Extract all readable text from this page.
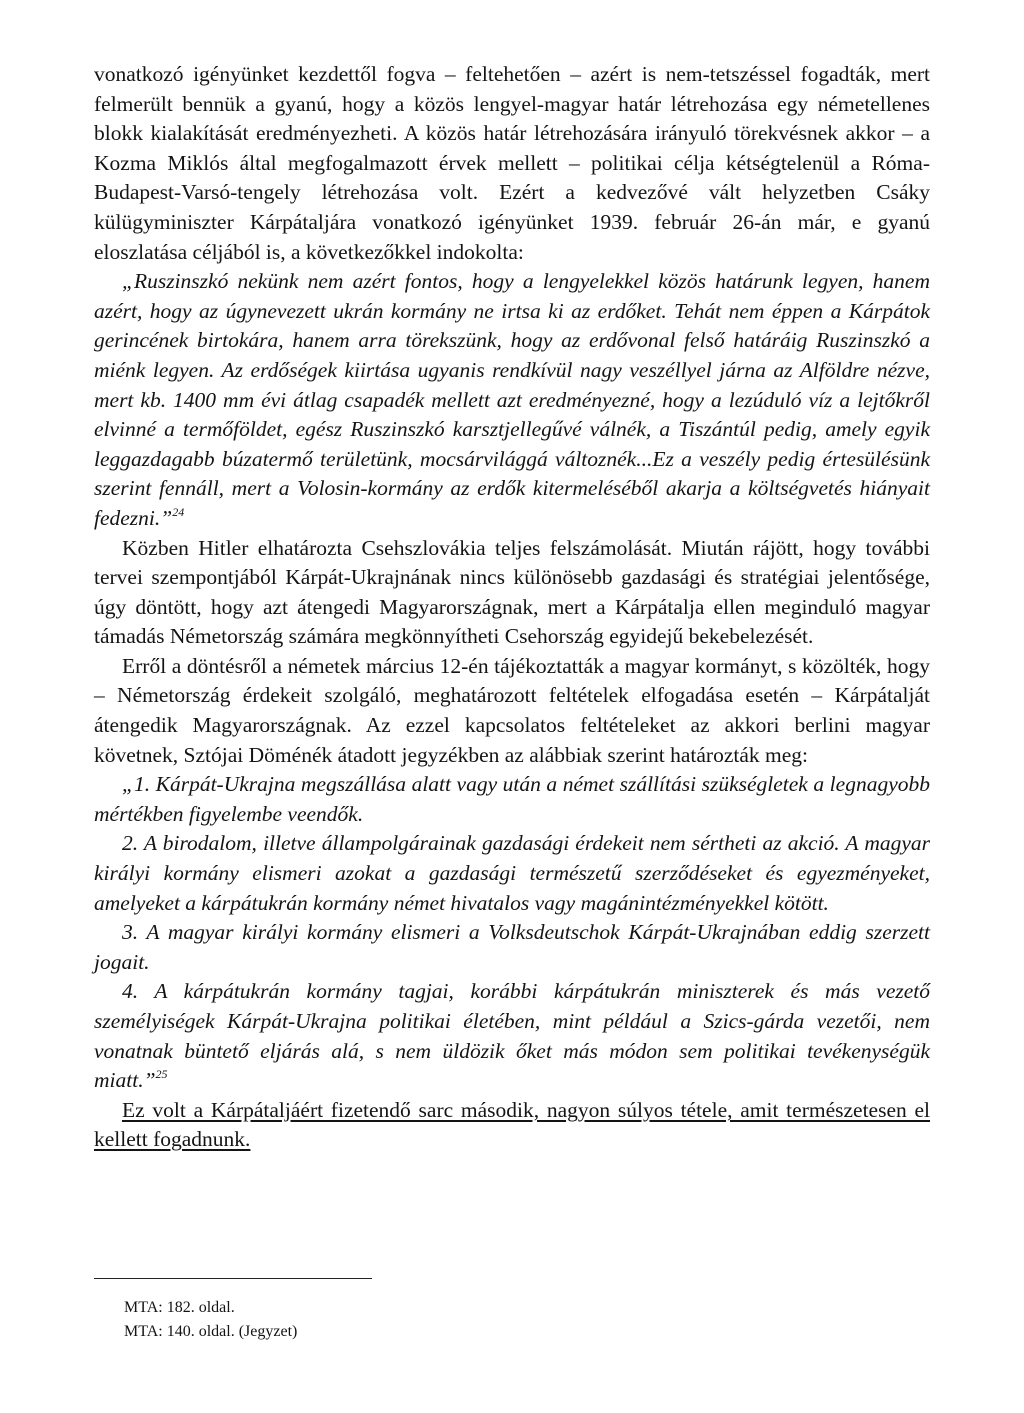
vonatkozó igényünket kezdettől fogva – feltehetően – azért is nem-tetszéssel fogadták, mert felmerült bennük a gyanú, hogy a közös lengyel-magyar határ létrehozása egy németellenes blokk kialakítását eredményezheti. A közös határ létrehozására irányuló törekvésnek akkor – a Kozma Miklós által megfogalmazott érvek mellett – politikai célja kétségtelenül a Róma-Budapest-Varsó-tengely létrehozása volt. Ezért a kedvezővé vált helyzetben Csáky külügyminiszter Kárpátaljára vonatkozó igényünket 1939. február 26-án már, e gyanú eloszlatása céljából is, a következőkkel indokolta:

„Ruszinszkó nekünk nem azért fontos, hogy a lengyelekkel közös határunk legyen, hanem azért, hogy az úgynevezett ukrán kormány ne irtsa ki az erdőket. Tehát nem éppen a Kárpátok gerincének birtokára, hanem arra törekszünk, hogy az erdővonal felső határáig Ruszinszkó a miénk legyen. Az erdőségek kiirtása ugyanis rendkívül nagy veszéllyel járna az Alföldre nézve, mert kb. 1400 mm évi átlag csapadék mellett azt eredményezné, hogy a lezúduló víz a lejtőkről elvinné a termőföldet, egész Ruszinszkó karsztjellegűvé válnék, a Tiszántúl pedig, amely egyik leggazdagabb búzatermő területünk, mocsárvilággá változnék...Ez a veszély pedig értesülésünk szerint fennáll, mert a Volosin-kormány az erdők kitermeléséből akarja a költségvetés hiányait fedezni.”$^{24}$

Közben Hitler elhatározta Csehszlovákia teljes felszámolását. Miután rájött, hogy további tervei szempontjából Kárpát-Ukrajnának nincs különösebb gazdasági és stratégiai jelentősége, úgy döntött, hogy azt átengedi Magyarországnak, mert a Kárpátalja ellen meginduló magyar támadás Németország számára megkönnyítheti Csehország egyidejű bekebelezését.

Erről a döntésről a németek március 12-én tájékoztatták a magyar kormányt, s közölték, hogy – Németország érdekeit szolgáló, meghatározott feltételek elfogadása esetén – Kárpátalját átengedik Magyarországnak. Az ezzel kapcsolatos feltételeket az akkori berlini magyar követnek, Sztójai Döménék átadott jegyzékben az alábbiak szerint határozták meg:

„1. Kárpát-Ukrajna megszállása alatt vagy után a német szállítási szükségletek a legnagyobb mértékben figyelembe veendők.

2. A birodalom, illetve állampolgárainak gazdasági érdekeit nem sértheti az akció. A magyar királyi kormány elismeri azokat a gazdasági természetű szerződéseket és egyezményeket, amelyeket a kárpátukrán kormány német hivatalos vagy magánintézményekkel kötött.

3. A magyar királyi kormány elismeri a Volksdeutschok Kárpát-Ukrajnában eddig szerzett jogait.

4. A kárpátukrán kormány tagjai, korábbi kárpátukrán miniszterek és más vezető személyiségek Kárpát-Ukrajna politikai életében, mint például a Szics-gárda vezetői, nem vonatnak büntető eljárás alá, s nem üldözik őket más módon sem politikai tevékenységük miatt.”$^{25}$

Ez volt a Kárpátaljáért fizetendő sarc második, nagyon súlyos tétele, amit természetesen el kellett fogadnunk.

MTA: 182. oldal.
MTA: 140. oldal. (Jegyzet)
